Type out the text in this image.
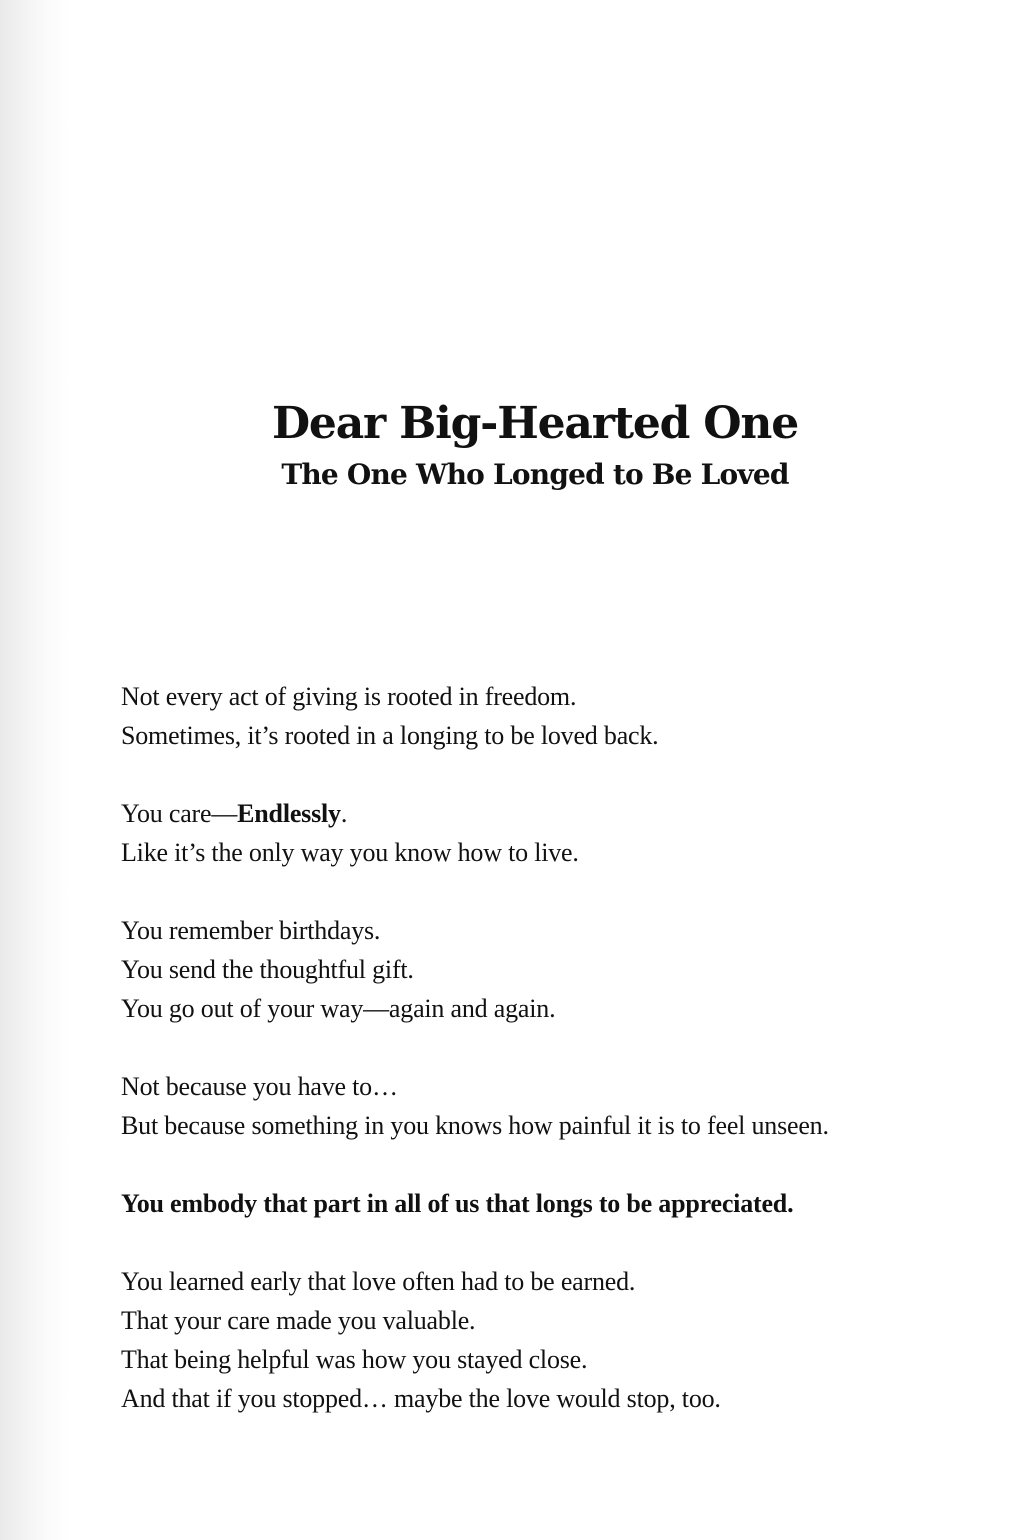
Dear Big-Hearted One
The One Who Longed to Be Loved

Not every act of giving is rooted in freedom.
Sometimes, it’s rooted in a longing to be loved back.

You care—Endlessly.
Like it’s the only way you know how to live.

You remember birthdays.
You send the thoughtful gift.
You go out of your way—again and again.

Not because you have to…
But because something in you knows how painful it is to feel unseen.

You embody that part in all of us that longs to be appreciated.

You learned early that love often had to be earned.
That your care made you valuable.
That being helpful was how you stayed close.
And that if you stopped… maybe the love would stop, too.
